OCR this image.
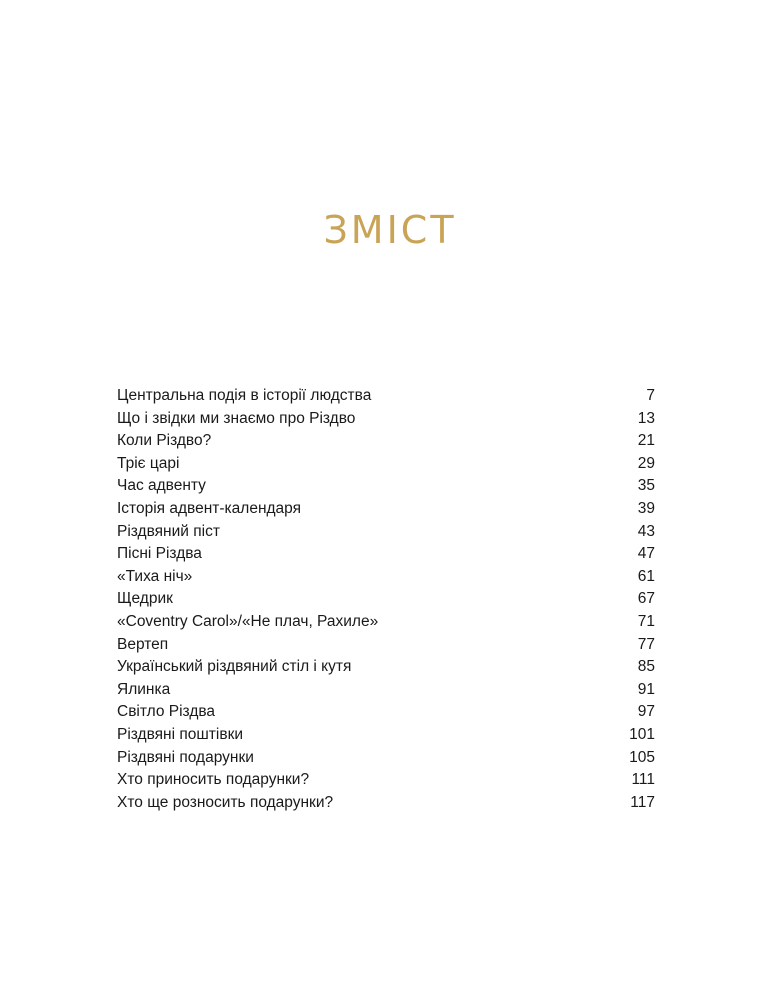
ЗМІСТ
Центральна подія в історії людства	7
Що і звідки ми знаємо про Різдво	13
Коли Різдво?	21
Тріє царі	29
Час адвенту	35
Історія адвент-календаря	39
Різдвяний піст	43
Пісні Різдва	47
«Тиха ніч»	61
Щедрик	67
«Coventry Carol»/«Не плач, Рахиле»	71
Вертеп	77
Український різдвяний стіл і кутя	85
Ялинка	91
Світло Різдва	97
Різдвяні поштівки	101
Різдвяні подарунки	105
Хто приносить подарунки?	111
Хто ще розносить подарунки?	117
